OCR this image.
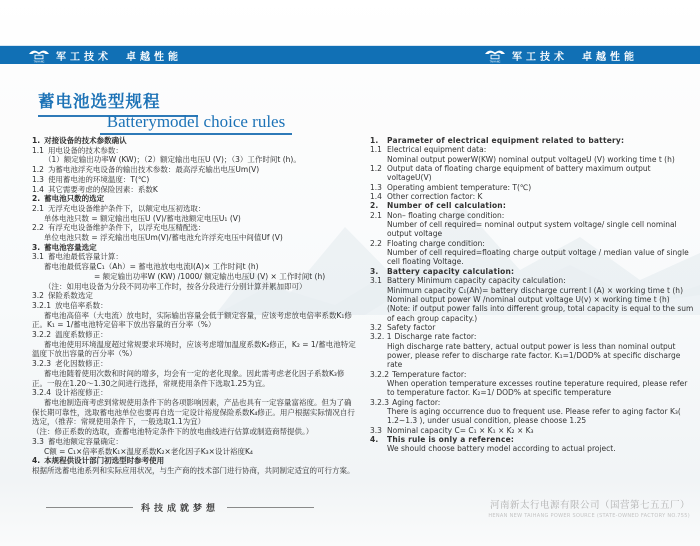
TAIHANG 军工技术 卓越性能	TAIHANG 军工技术 卓越性能
蓄电池选型规程
Batterymodel choice rules

1. 对接设备的技术参数确认

1.1 用电设备的技术参数：

（1）额定输出功率W (KW)；（2）额定输出电压U (V)；（3）工作时间t (h)。

1.2 为蓄电池浮充电设备的输出技术参数：最高浮充输出电压Um(V)

1.3 使用蓄电池的环境温度：T(℃)

1.4 其它需要考虑的保险因素：系数K

2. 蓄电池只数的选定

2.1 无浮充电设备维护条件下，以额定电压初选取：

单体电池只数 = 额定输出电压U (V)/蓄电池额定电压U₁ (V)

2.2 有浮充电设备维护条件下，以浮充电压精配选：

单位电池只数 = 浮充输出电压Um(V)/蓄电池允许浮充电压中间值Uf (V)

3. 蓄电池容量选定

3.1 蓄电池最低容量计算：

蓄电池最低容量C₁（Ah）= 蓄电池放电电流I(A)× 工作时间t (h)

= 额定输出功率W (KW) /1000/ 额定输出电压U (V) × 工作时间t (h)

（注：如用电设备为分段不同功率工作时，按各分段进行分别计算并累加即可）

3.2 保险系数选定

3.2.1 放电倍率系数：

蓄电池高倍率（大电流）放电时，实际输出容量会低于额定容量，应该考虑放电倍率系数K₁修正。K₁ = 1/蓄电池特定倍率下放出容量的百分率（%）

3.2.2 温度系数修正：

蓄电池使用环境温度超过常规要求环境时，应该考虑增加温度系数K₂修正，K₂ = 1/蓄电池特定温度下放出容量的百分率（%）

3.2.3 老化因数修正：

蓄电池随着使用次数和时间的增多，均会有一定的老化现象。因此需考虑老化因子系数K₃修正。一般在1.20～1.30之间进行选择，常规使用条件下选取1.25为宜。

3.2.4 设计裕度修正：

蓄电池制造商考虑到常规使用条件下的各项影响因素，产品也具有一定容量富裕度。但为了确保长期可靠性，选取蓄电池单位也要再自选一定设计裕度保险系数K₄修正。用户根据实际情况自行选定，（推荐：常规使用条件下，一般选取1.1为宜）

（注：修正系数的选取，查蓄电池特定条件下的放电曲线进行估算或制造商帮提供。）

3.3 蓄电池额定容量确定：

C额 = C₁×倍率系数K₁×温度系数K₂×老化因子K₃×设计裕度K₄

4. 本规程供设计部门初选型时参考使用

根据所选蓄电池系列和实际应用状况，与生产商的技术部门进行协商，共同制定适宜的可行方案。

1. Parameter of electrical equipment related to battery:

1.1 Electrical equipment data:

Nominal output powerW(KW) nominal output voltageU (V) working time t (h)

1.2 Output data of floating charge equipment of battery maximum output voltageU(V)

1.3 Operating ambient temperature: T(℃)

1.4 Other correction factor: K

2. Number of cell calculation:

2.1 Non– floating charge condition:

Number of cell required= nominal output system voltage/ single cell nominal output voltage

2.2 Floating charge condition:

Number of cell required=floating charge output voltage / median value of single cell floating Voltage.

3. Battery capacity calculation:

3.1 Battery Minimum capacity capacity calculation:

Minimum capacity C₁(Ah)= battery discharge current I (A) × working time t (h)

Nominal output power W /nominal output voltage U(v) × working time t (h)

(Note: if output power falls into different group, total capacity is equal to the sum of each group capacity.)

3.2 Safety factor

3.2. 1 Discharge rate factor:

High discharge rate battery, actual output power is less than nominal output power, please refer to discharge rate factor. K₁=1/DOD% at specific discharge rate

3.2.2 Temperature factor:

When operation temperature excesses routine teperature required, please refer to temperature factor. K₂=1/ DOD% at specific temperature

3.2.3 Aging factor:

There is aging occurrence duo to frequent use. Please refer to aging factor K₃( 1.2~1.3 ), under usual condition, please choose 1.25

3.3 Nominal capacity C= C₁ × K₁ × K₂ × K₃

4. This rule is only a reference:

We should choose battery model according to actual project.

科技成就梦想	河南新太行电源有限公司（国营第七五五厂）
HENAN NEW TAIHANG POWER SOURCE (STATE-OWNED FACTORY NO.755)
